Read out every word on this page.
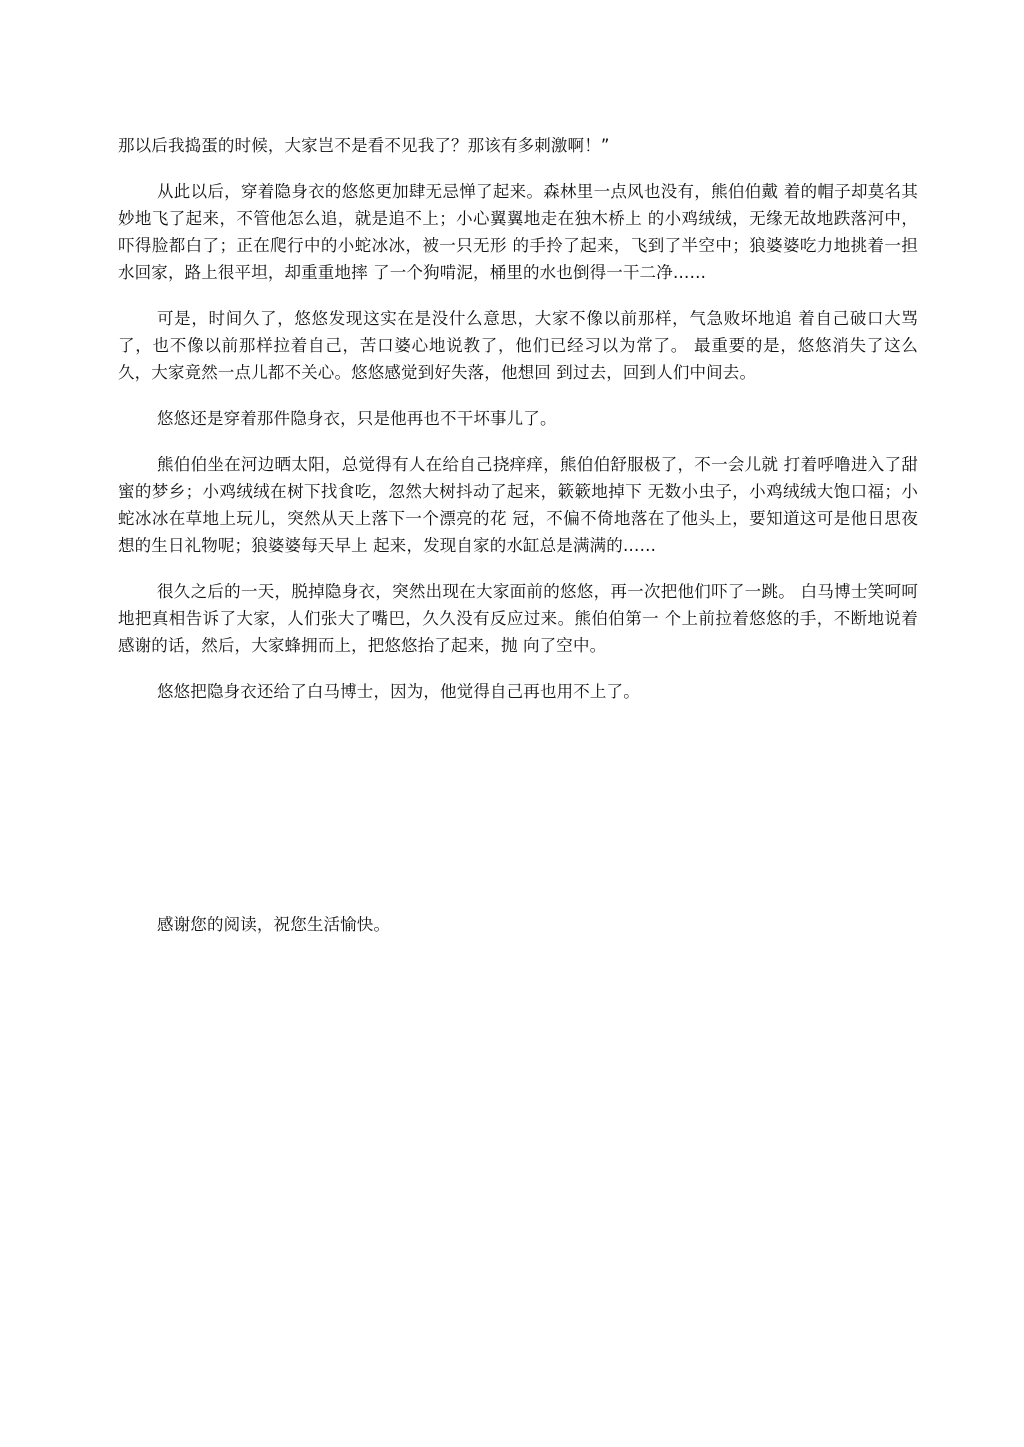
那以后我捣蛋的时候，大家岂不是看不见我了？那该有多刺激啊！”

从此以后，穿着隐身衣的悠悠更加肆无忌惮了起来。森林里一点风也没有，熊伯伯戴 着的帽子却莫名其妙地飞了起来，不管他怎么追，就是追不上；小心翼翼地走在独木桥上 的小鸡绒绒，无缘无故地跌落河中，吓得脸都白了；正在爬行中的小蛇冰冰，被一只无形 的手拎了起来，飞到了半空中；狼婆婆吃力地挑着一担水回家，路上很平坦，却重重地摔 了一个狗啃泥，桶里的水也倒得一干二净……

可是，时间久了，悠悠发现这实在是没什么意思，大家不像以前那样，气急败坏地追 着自己破口大骂了，也不像以前那样拉着自己，苦口婆心地说教了，他们已经习以为常了。 最重要的是，悠悠消失了这么久，大家竟然一点儿都不关心。悠悠感觉到好失落，他想回 到过去，回到人们中间去。

悠悠还是穿着那件隐身衣，只是他再也不干坏事儿了。

熊伯伯坐在河边晒太阳，总觉得有人在给自己挠痒痒，熊伯伯舒服极了，不一会儿就 打着呼噜进入了甜蜜的梦乡；小鸡绒绒在树下找食吃，忽然大树抖动了起来，簌簌地掉下 无数小虫子，小鸡绒绒大饱口福；小蛇冰冰在草地上玩儿，突然从天上落下一个漂亮的花 冠，不偏不倚地落在了他头上，要知道这可是他日思夜想的生日礼物呢；狼婆婆每天早上 起来，发现自家的水缸总是满满的……

很久之后的一天，脱掉隐身衣，突然出现在大家面前的悠悠，再一次把他们吓了一跳。 白马博士笑呵呵地把真相告诉了大家，人们张大了嘴巴，久久没有反应过来。熊伯伯第一 个上前拉着悠悠的手，不断地说着感谢的话，然后，大家蜂拥而上，把悠悠抬了起来，抛 向了空中。

悠悠把隐身衣还给了白马博士，因为，他觉得自己再也用不上了。

感谢您的阅读，祝您生活愉快。
